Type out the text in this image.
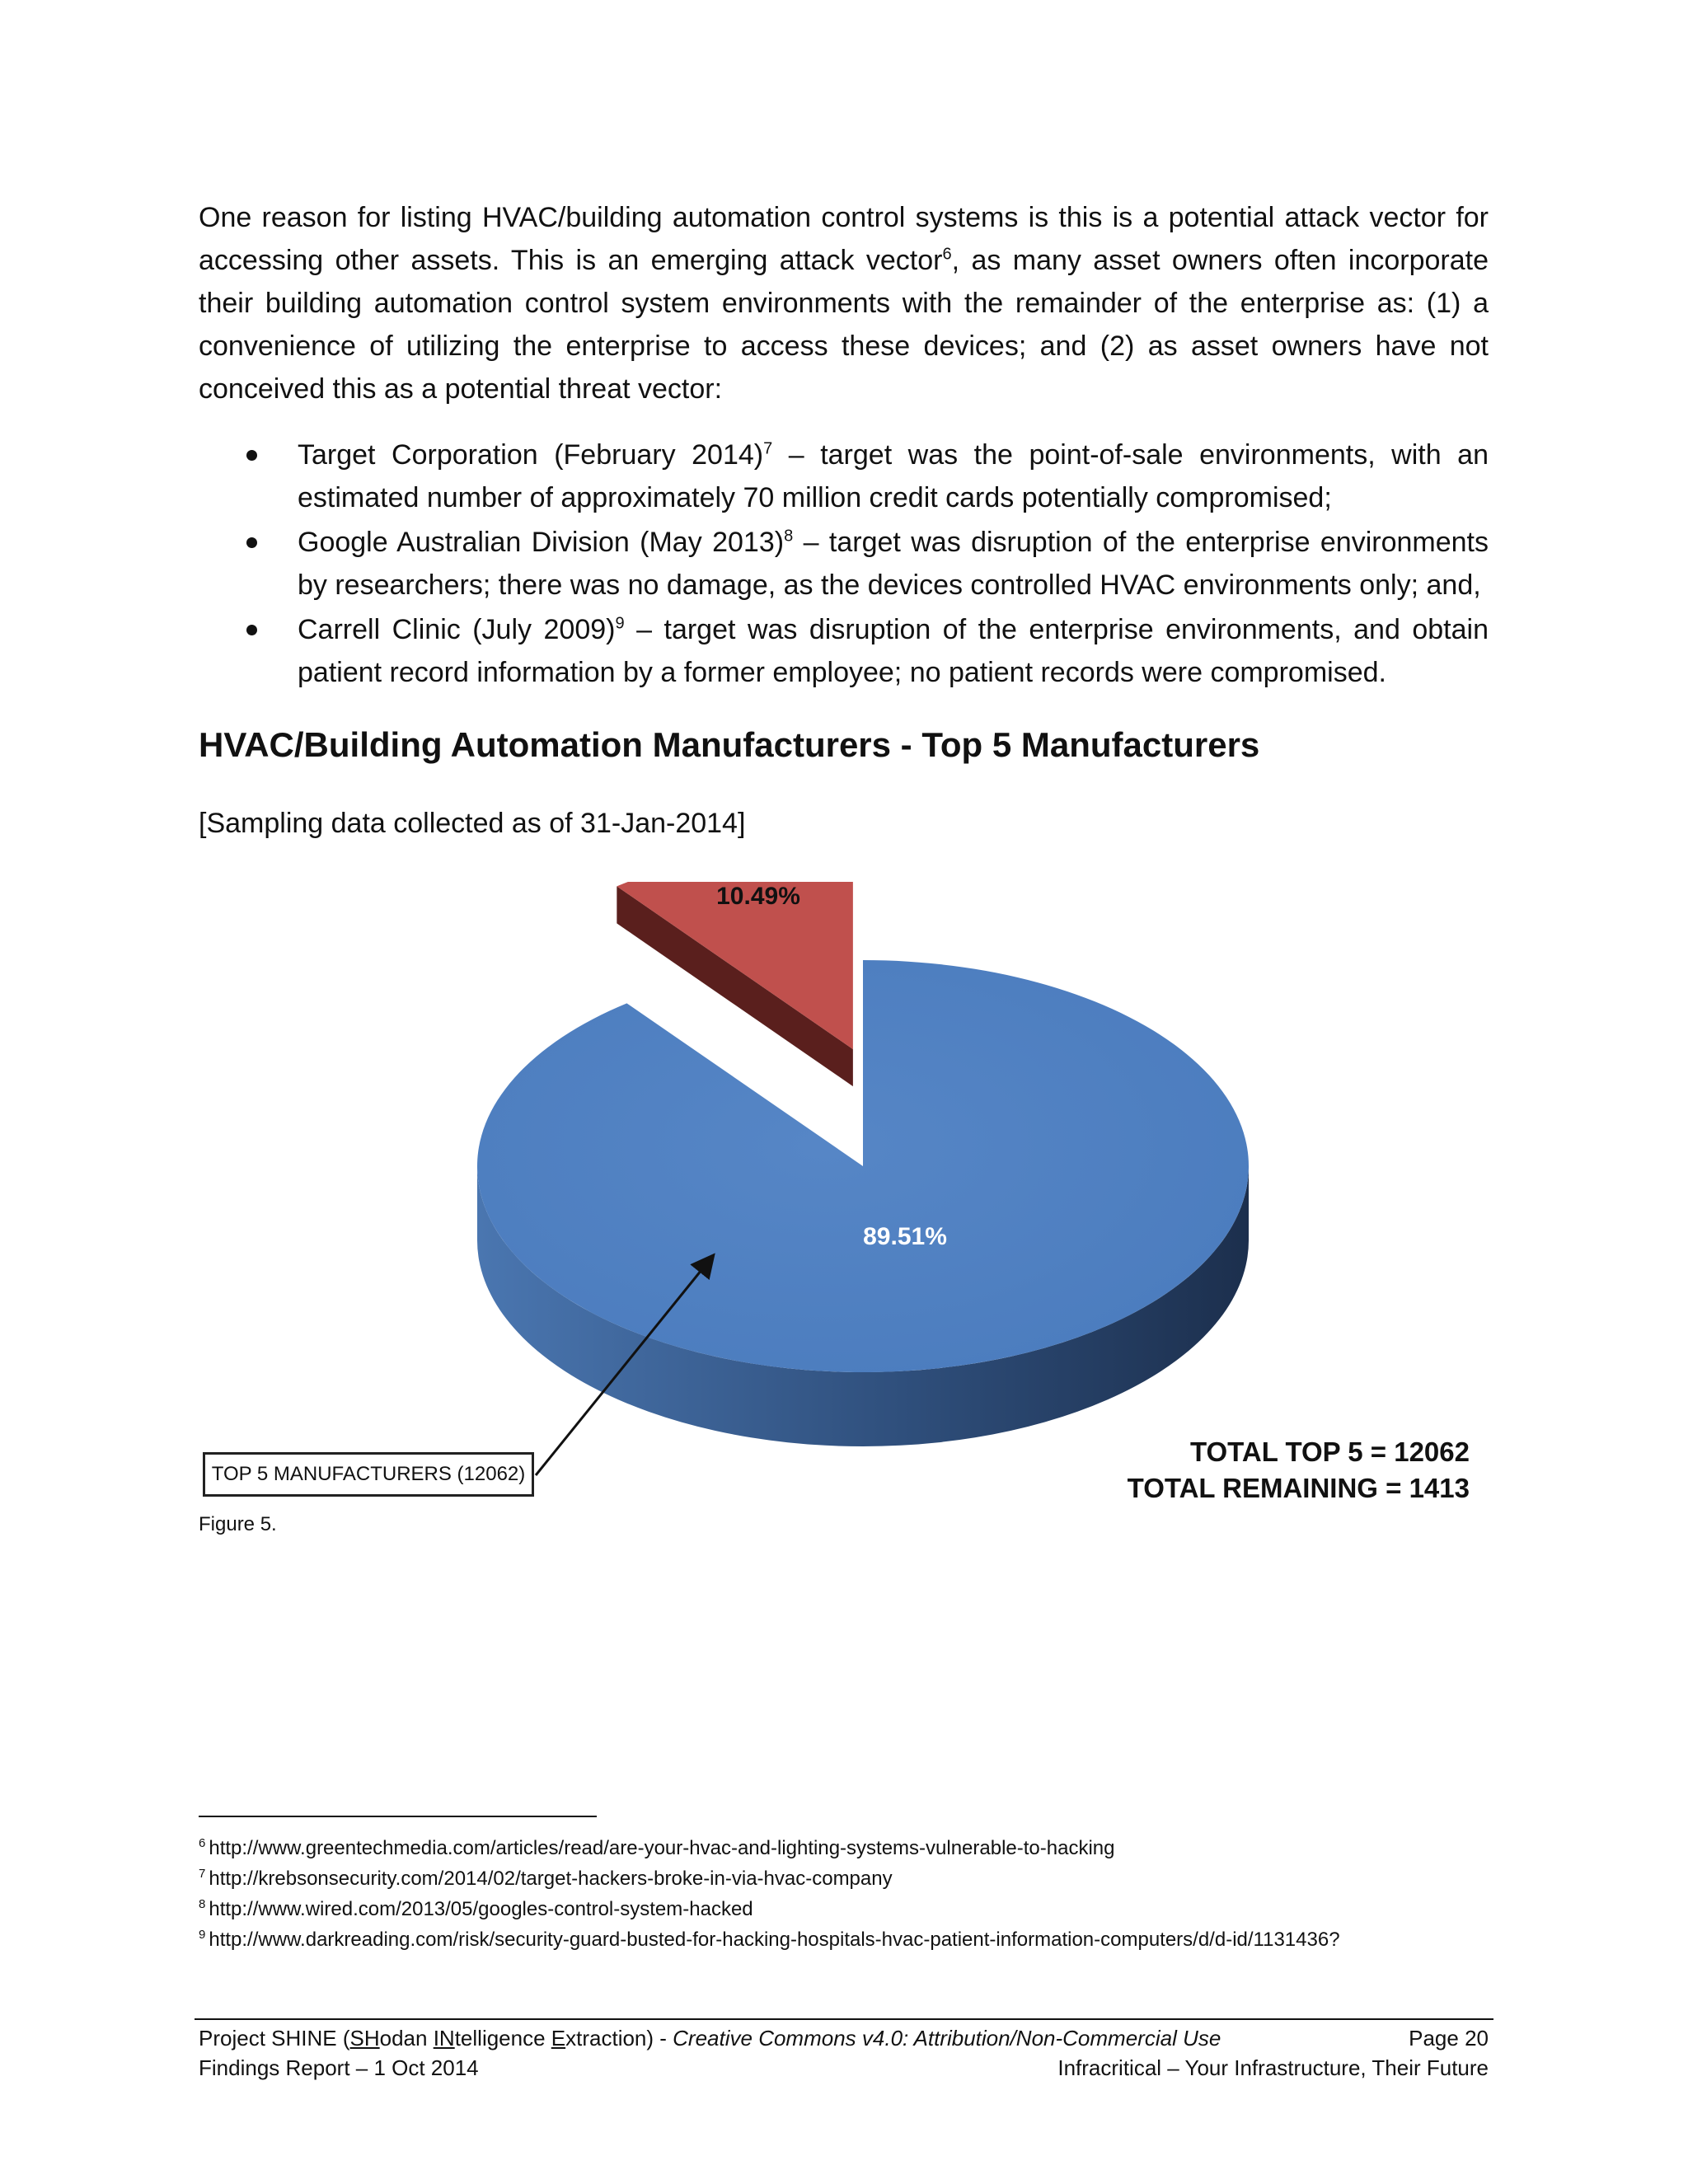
One reason for listing HVAC/building automation control systems is this is a potential attack vector for accessing other assets. This is an emerging attack vector$^6$, as many asset owners often incorporate their building automation control system environments with the remainder of the enterprise as: (1) a convenience of utilizing the enterprise to access these devices; and (2) as asset owners have not conceived this as a potential threat vector:

Target Corporation (February 2014)$^7$ – target was the point-of-sale environments, with an estimated number of approximately 70 million credit cards potentially compromised;
Google Australian Division (May 2013)$^8$ – target was disruption of the enterprise environments by researchers; there was no damage, as the devices controlled HVAC environments only; and,
Carrell Clinic (July 2009)$^9$ – target was disruption of the enterprise environments, and obtain patient record information by a former employee; no patient records were compromised.
HVAC/Building Automation Manufacturers - Top 5 Manufacturers

[Sampling data collected as of 31-Jan-2014]

89.51%
10.49%
TOTAL TOP 5 = 12062
TOTAL REMAINING = 1413
TOP 5 MANUFACTURERS (12062)

Figure 5.

$^6$ http://www.greentechmedia.com/articles/read/are-your-hvac-and-lighting-systems-vulnerable-to-hacking
$^7$ http://krebsonsecurity.com/2014/02/target-hackers-broke-in-via-hvac-company
$^8$ http://www.wired.com/2013/05/googles-control-system-hacked
$^9$ http://www.darkreading.com/risk/security-guard-busted-for-hacking-hospitals-hvac-patient-information-computers/d/d-id/1131436?
Project SHINE (SHodan INtelligence Extraction) - Creative Commons v4.0: Attribution/Non-Commercial Use	Page 20
Findings Report – 1 Oct 2014	Infracritical – Your Infrastructure, Their Future
